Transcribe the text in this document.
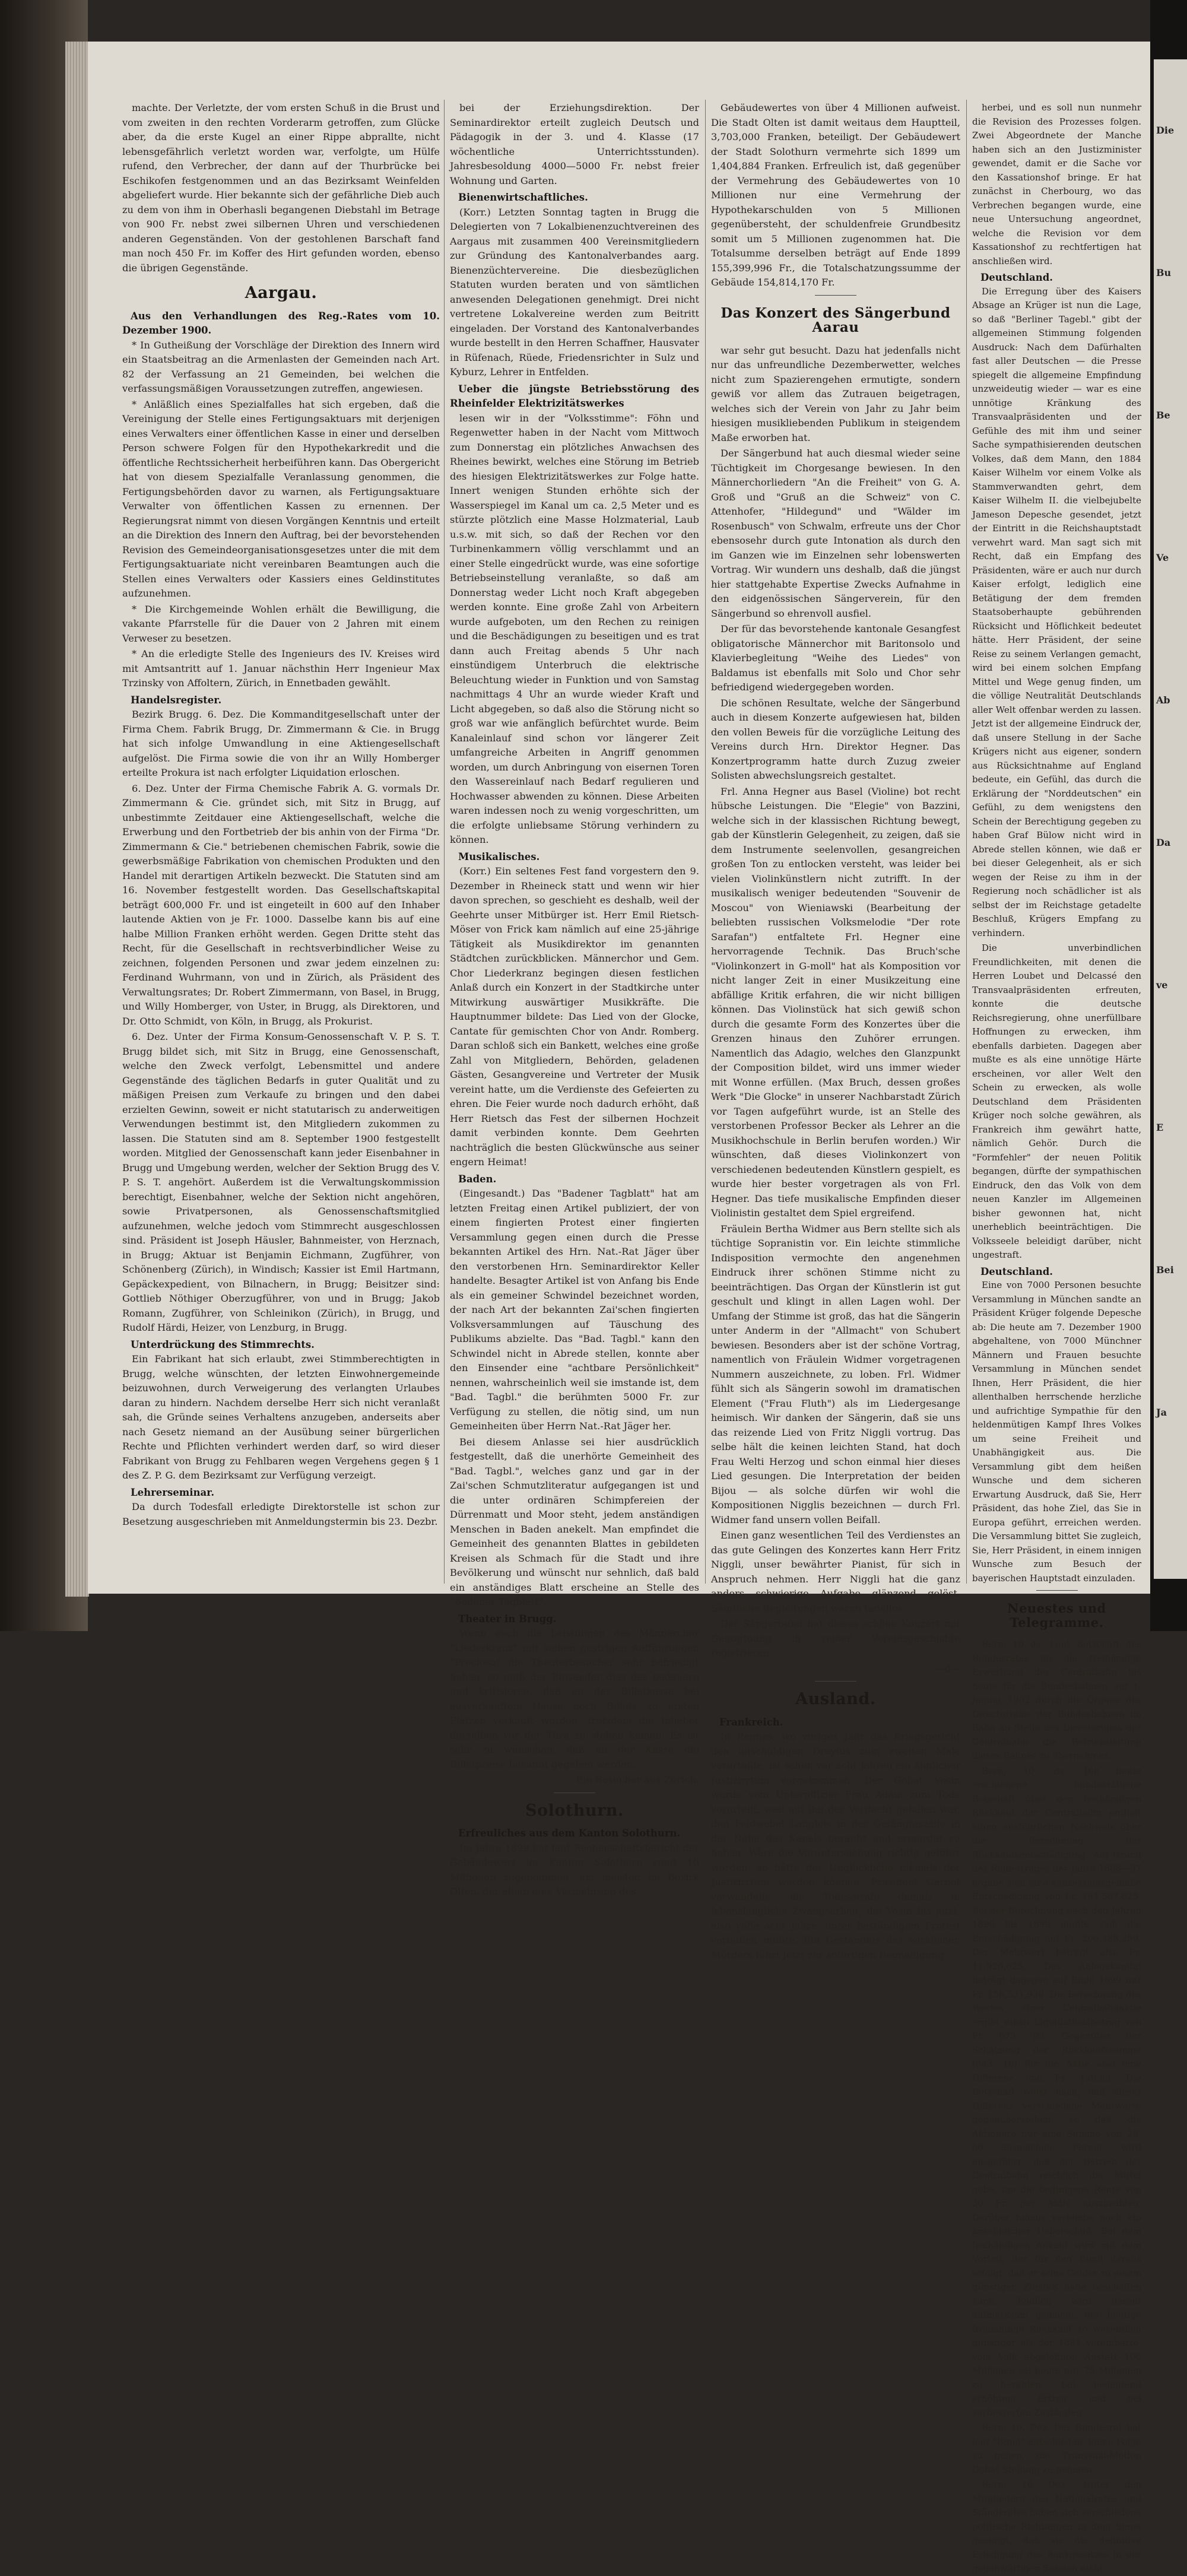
machte. Der Verletzte, der vom ersten Schuß in die Brust und vom zweiten in den rechten Vorderarm getroffen, zum Glücke aber, da die erste Kugel an einer Rippe abprallte, nicht lebensgefährlich verletzt worden war, verfolgte, um Hülfe rufend, den Verbrecher, der dann auf der Thurbrücke bei Eschikofen festgenommen und an das Bezirksamt Weinfelden abgeliefert wurde. Hier bekannte sich der gefährliche Dieb auch zu dem von ihm in Oberhasli begangenen Diebstahl im Betrage von 900 Fr. nebst zwei silbernen Uhren und verschiedenen anderen Gegenständen. Von der gestohlenen Barschaft fand man noch 450 Fr. im Koffer des Hirt gefunden worden, ebenso die übrigen Gegenstände.

Aargau.
Aus den Verhandlungen des Reg.-Rates vom 10. Dezember 1900.

* In Gutheißung der Vorschläge der Direktion des Innern wird ein Staatsbeitrag an die Armenlasten der Gemeinden nach Art. 82 der Verfassung an 21 Gemeinden, bei welchen die verfassungsmäßigen Voraussetzungen zutreffen, angewiesen.

* Anläßlich eines Spezialfalles hat sich ergeben, daß die Vereinigung der Stelle eines Fertigungsaktuars mit derjenigen eines Verwalters einer öffentlichen Kasse in einer und derselben Person schwere Folgen für den Hypothekarkredit und die öffentliche Rechtssicherheit herbeiführen kann. Das Obergericht hat von diesem Spezialfalle Veranlassung genommen, die Fertigungsbehörden davor zu warnen, als Fertigungsaktuare Verwalter von öffentlichen Kassen zu ernennen. Der Regierungsrat nimmt von diesen Vorgängen Kenntnis und erteilt an die Direktion des Innern den Auftrag, bei der bevorstehenden Revision des Gemeindeorganisationsgesetzes unter die mit dem Fertigungsaktuariate nicht vereinbaren Beamtungen auch die Stellen eines Verwalters oder Kassiers eines Geldinstitutes aufzunehmen.

* Die Kirchgemeinde Wohlen erhält die Bewilligung, die vakante Pfarrstelle für die Dauer von 2 Jahren mit einem Verweser zu besetzen.

* An die erledigte Stelle des Ingenieurs des IV. Kreises wird mit Amtsantritt auf 1. Januar nächsthin Herr Ingenieur Max Trzinsky von Affoltern, Zürich, in Ennetbaden gewählt.

Handelsregister.

Bezirk Brugg. 6. Dez. Die Kommanditgesellschaft unter der Firma Chem. Fabrik Brugg, Dr. Zimmermann & Cie. in Brugg hat sich infolge Umwandlung in eine Aktiengesellschaft aufgelöst. Die Firma sowie die von ihr an Willy Homberger erteilte Prokura ist nach erfolgter Liquidation erloschen.

6. Dez. Unter der Firma Chemische Fabrik A. G. vormals Dr. Zimmermann & Cie. gründet sich, mit Sitz in Brugg, auf unbestimmte Zeitdauer eine Aktiengesellschaft, welche die Erwerbung und den Fortbetrieb der bis anhin von der Firma "Dr. Zimmermann & Cie." betriebenen chemischen Fabrik, sowie die gewerbsmäßige Fabrikation von chemischen Produkten und den Handel mit derartigen Artikeln bezweckt. Die Statuten sind am 16. November festgestellt worden. Das Gesellschaftskapital beträgt 600,000 Fr. und ist eingeteilt in 600 auf den Inhaber lautende Aktien von je Fr. 1000. Dasselbe kann bis auf eine halbe Million Franken erhöht werden. Gegen Dritte steht das Recht, für die Gesellschaft in rechtsverbindlicher Weise zu zeichnen, folgenden Personen und zwar jedem einzelnen zu: Ferdinand Wuhrmann, von und in Zürich, als Präsident des Verwaltungsrates; Dr. Robert Zimmermann, von Basel, in Brugg, und Willy Homberger, von Uster, in Brugg, als Direktoren, und Dr. Otto Schmidt, von Köln, in Brugg, als Prokurist.

6. Dez. Unter der Firma Konsum-Genossenschaft V. P. S. T. Brugg bildet sich, mit Sitz in Brugg, eine Genossenschaft, welche den Zweck verfolgt, Lebensmittel und andere Gegenstände des täglichen Bedarfs in guter Qualität und zu mäßigen Preisen zum Verkaufe zu bringen und den dabei erzielten Gewinn, soweit er nicht statutarisch zu anderweitigen Verwendungen bestimmt ist, den Mitgliedern zukommen zu lassen. Die Statuten sind am 8. September 1900 festgestellt worden. Mitglied der Genossenschaft kann jeder Eisenbahner in Brugg und Umgebung werden, welcher der Sektion Brugg des V. P. S. T. angehört. Außerdem ist die Verwaltungskommission berechtigt, Eisenbahner, welche der Sektion nicht angehören, sowie Privatpersonen, als Genossenschaftsmitglied aufzunehmen, welche jedoch vom Stimmrecht ausgeschlossen sind. Präsident ist Joseph Häusler, Bahnmeister, von Herznach, in Brugg; Aktuar ist Benjamin Eichmann, Zugführer, von Schönenberg (Zürich), in Windisch; Kassier ist Emil Hartmann, Gepäckexpedient, von Bilnachern, in Brugg; Beisitzer sind: Gottlieb Nöthiger Oberzugführer, von und in Brugg; Jakob Romann, Zugführer, von Schleinikon (Zürich), in Brugg, und Rudolf Härdi, Heizer, von Lenzburg, in Brugg.

Unterdrückung des Stimmrechts.

Ein Fabrikant hat sich erlaubt, zwei Stimmberechtigten in Brugg, welche wünschten, der letzten Einwohnergemeinde beizuwohnen, durch Verweigerung des verlangten Urlaubes daran zu hindern. Nachdem derselbe Herr sich nicht veranlaßt sah, die Gründe seines Verhaltens anzugeben, anderseits aber nach Gesetz niemand an der Ausübung seiner bürgerlichen Rechte und Pflichten verhindert werden darf, so wird dieser Fabrikant von Brugg zu Fehlbaren wegen Vergehens gegen § 1 des Z. P. G. dem Bezirksamt zur Verfügung verzeigt.

Lehrerseminar.

Da durch Todesfall erledigte Direktorstelle ist schon zur Besetzung ausgeschrieben mit Anmeldungstermin bis 23. Dezbr.

bei der Erziehungsdirektion. Der Seminardirektor erteilt zugleich Deutsch und Pädagogik in der 3. und 4. Klasse (17 wöchentliche Unterrichtsstunden). Jahresbesoldung 4000—5000 Fr. nebst freier Wohnung und Garten.

Bienenwirtschaftliches.

(Korr.) Letzten Sonntag tagten in Brugg die Delegierten von 7 Lokalbienenzuchtvereinen des Aargaus mit zusammen 400 Vereinsmitgliedern zur Gründung des Kantonalverbandes aarg. Bienenzüchtervereine. Die diesbezüglichen Statuten wurden beraten und von sämtlichen anwesenden Delegationen genehmigt. Drei nicht vertretene Lokalvereine werden zum Beitritt eingeladen. Der Vorstand des Kantonalverbandes wurde bestellt in den Herren Schaffner, Hausvater in Rüfenach, Rüede, Friedensrichter in Sulz und Kyburz, Lehrer in Entfelden.

Ueber die jüngste Betriebsstörung des Rheinfelder Elektrizitätswerkes

lesen wir in der "Volksstimme": Föhn und Regenwetter haben in der Nacht vom Mittwoch zum Donnerstag ein plötzliches Anwachsen des Rheines bewirkt, welches eine Störung im Betrieb des hiesigen Elektrizitätswerkes zur Folge hatte. Innert wenigen Stunden erhöhte sich der Wasserspiegel im Kanal um ca. 2,5 Meter und es stürzte plötzlich eine Masse Holzmaterial, Laub u.s.w. mit sich, so daß der Rechen vor den Turbinenkammern völlig verschlammt und an einer Stelle eingedrückt wurde, was eine sofortige Betriebseinstellung veranlaßte, so daß am Donnerstag weder Licht noch Kraft abgegeben werden konnte. Eine große Zahl von Arbeitern wurde aufgeboten, um den Rechen zu reinigen und die Beschädigungen zu beseitigen und es trat dann auch Freitag abends 5 Uhr nach einstündigem Unterbruch die elektrische Beleuchtung wieder in Funktion und von Samstag nachmittags 4 Uhr an wurde wieder Kraft und Licht abgegeben, so daß also die Störung nicht so groß war wie anfänglich befürchtet wurde. Beim Kanaleinlauf sind schon vor längerer Zeit umfangreiche Arbeiten in Angriff genommen worden, um durch Anbringung von eisernen Toren den Wassereinlauf nach Bedarf regulieren und Hochwasser abwenden zu können. Diese Arbeiten waren indessen noch zu wenig vorgeschritten, um die erfolgte unliebsame Störung verhindern zu können.

Musikalisches.

(Korr.) Ein seltenes Fest fand vorgestern den 9. Dezember in Rheineck statt und wenn wir hier davon sprechen, so geschieht es deshalb, weil der Geehrte unser Mitbürger ist. Herr Emil Rietsch-Möser von Frick kam nämlich auf eine 25-jährige Tätigkeit als Musikdirektor im genannten Städtchen zurückblicken. Männerchor und Gem. Chor Liederkranz begingen diesen festlichen Anlaß durch ein Konzert in der Stadtkirche unter Mitwirkung auswärtiger Musikkräfte. Die Hauptnummer bildete: Das Lied von der Glocke, Cantate für gemischten Chor von Andr. Romberg. Daran schloß sich ein Bankett, welches eine große Zahl von Mitgliedern, Behörden, geladenen Gästen, Gesangvereine und Vertreter der Musik vereint hatte, um die Verdienste des Gefeierten zu ehren. Die Feier wurde noch dadurch erhöht, daß Herr Rietsch das Fest der silbernen Hochzeit damit verbinden konnte. Dem Geehrten nachträglich die besten Glückwünsche aus seiner engern Heimat!

Baden.

(Eingesandt.) Das "Badener Tagblatt" hat am letzten Freitag einen Artikel publiziert, der von einem fingierten Protest einer fingierten Versammlung gegen einen durch die Presse bekannten Artikel des Hrn. Nat.-Rat Jäger über den verstorbenen Hrn. Seminardirektor Keller handelte. Besagter Artikel ist von Anfang bis Ende als ein gemeiner Schwindel bezeichnet worden, der nach Art der bekannten Zai'schen fingierten Volksversammlungen auf Täuschung des Publikums abzielte. Das "Bad. Tagbl." kann den Schwindel nicht in Abrede stellen, konnte aber den Einsender eine "achtbare Persönlichkeit" nennen, wahrscheinlich weil sie imstande ist, dem "Bad. Tagbl." die berühmten 5000 Fr. zur Verfügung zu stellen, die nötig sind, um nun Gemeinheiten über Herrn Nat.-Rat Jäger her.

Bei diesem Anlasse sei hier ausdrücklich festgestellt, daß die unerhörte Gemeinheit des "Bad. Tagbl.", welches ganz und gar in der Zai'schen Schmutzliteratur aufgegangen ist und die unter ordinären Schimpfereien der Dürrenmatt und Moor steht, jedem anständigen Menschen in Baden anekelt. Man empfindet die Gemeinheit des genannten Blattes in gebildeten Kreisen als Schmach für die Stadt und ihre Bevölkerung und wünscht nur sehnlich, daß bald ein anständiges Blatt erscheine an Stelle des "Badener Tagblatt".

Theater in Brugg.

Wenn auch die Leistungen des Männerchor "Liederkranz" mit seinen gestrigen Aufführungen "Preciosa" die Theaterbesucher sehr befriedigt haben, so muß der Einsender dies des bedauern und kritisieren, daß an der Billetkasse bei ausverkauftem Hause noch Billets zu ersten Plätzen verkauft worden, trotzdem die Inhaber derselben vor der Türe zu stehen kamen. Es ist sehr zu wünschen, daß an der Kasse die Billetpreise bekannt gegeben werden.

Ein Besucher aus Zürich.

Solothurn.
Erfreuliches aus dem Kanton Solothurn.

Im Jahre 1899 hat laut Rechenschaftsbericht der Gebäudewert im Kanton Solothurn rund 10 Millionen zugenommen, am meisten im Bezirk Olten, der allein eine Vermehrung des

Gebäudewertes von über 4 Millionen aufweist. Die Stadt Olten ist damit weitaus dem Hauptteil, 3,703,000 Franken, beteiligt. Der Gebäudewert der Stadt Solothurn vermehrte sich 1899 um 1,404,884 Franken. Erfreulich ist, daß gegenüber der Vermehrung des Gebäudewertes von 10 Millionen nur eine Vermehrung der Hypothekarschulden von 5 Millionen gegenübersteht, der schuldenfreie Grundbesitz somit um 5 Millionen zugenommen hat. Die Totalsumme derselben beträgt auf Ende 1899 155,399,996 Fr., die Totalschatzungssumme der Gebäude 154,814,170 Fr.

Das Konzert des Sängerbund Aarau

war sehr gut besucht. Dazu hat jedenfalls nicht nur das unfreundliche Dezemberwetter, welches nicht zum Spazierengehen ermutigte, sondern gewiß vor allem das Zutrauen beigetragen, welches sich der Verein von Jahr zu Jahr beim hiesigen musikliebenden Publikum in steigendem Maße erworben hat.

Der Sängerbund hat auch diesmal wieder seine Tüchtigkeit im Chorgesange bewiesen. In den Männerchorliedern "An die Freiheit" von G. A. Groß und "Gruß an die Schweiz" von C. Attenhofer, "Hildegund" und "Wälder im Rosenbusch" von Schwalm, erfreute uns der Chor ebensosehr durch gute Intonation als durch den im Ganzen wie im Einzelnen sehr lobenswerten Vortrag. Wir wundern uns deshalb, daß die jüngst hier stattgehabte Expertise Zwecks Aufnahme in den eidgenössischen Sängerverein, für den Sängerbund so ehrenvoll ausfiel.

Der für das bevorstehende kantonale Gesangfest obligatorische Männerchor mit Baritonsolo und Klavierbegleitung "Weihe des Liedes" von Baldamus ist ebenfalls mit Solo und Chor sehr befriedigend wiedergegeben worden.

Die schönen Resultate, welche der Sängerbund auch in diesem Konzerte aufgewiesen hat, bilden den vollen Beweis für die vorzügliche Leitung des Vereins durch Hrn. Direktor Hegner. Das Konzertprogramm hatte durch Zuzug zweier Solisten abwechslungsreich gestaltet.

Frl. Anna Hegner aus Basel (Violine) bot recht hübsche Leistungen. Die "Elegie" von Bazzini, welche sich in der klassischen Richtung bewegt, gab der Künstlerin Gelegenheit, zu zeigen, daß sie dem Instrumente seelenvollen, gesangreichen großen Ton zu entlocken versteht, was leider bei vielen Violinkünstlern nicht zutrifft. In der musikalisch weniger bedeutenden "Souvenir de Moscou" von Wieniawski (Bearbeitung der beliebten russischen Volksmelodie "Der rote Sarafan") entfaltete Frl. Hegner eine hervorragende Technik. Das Bruch'sche "Violinkonzert in G-moll" hat als Komposition vor nicht langer Zeit in einer Musikzeitung eine abfällige Kritik erfahren, die wir nicht billigen können. Das Violinstück hat sich gewiß schon durch die gesamte Form des Konzertes über die Grenzen hinaus den Zuhörer errungen. Namentlich das Adagio, welches den Glanzpunkt der Composition bildet, wird uns immer wieder mit Wonne erfüllen. (Max Bruch, dessen großes Werk "Die Glocke" in unserer Nachbarstadt Zürich vor Tagen aufgeführt wurde, ist an Stelle des verstorbenen Professor Becker als Lehrer an die Musikhochschule in Berlin berufen worden.) Wir wünschten, daß dieses Violinkonzert von verschiedenen bedeutenden Künstlern gespielt, es wurde hier bester vorgetragen als von Frl. Hegner. Das tiefe musikalische Empfinden dieser Violinistin gestaltet dem Spiel ergreifend.

Fräulein Bertha Widmer aus Bern stellte sich als tüchtige Sopranistin vor. Ein leichte stimmliche Indisposition vermochte den angenehmen Eindruck ihrer schönen Stimme nicht zu beeinträchtigen. Das Organ der Künstlerin ist gut geschult und klingt in allen Lagen wohl. Der Umfang der Stimme ist groß, das hat die Sängerin unter Anderm in der "Allmacht" von Schubert bewiesen. Besonders aber ist der schöne Vortrag, namentlich von Fräulein Widmer vorgetragenen Nummern auszeichnete, zu loben. Frl. Widmer fühlt sich als Sängerin sowohl im dramatischen Element ("Frau Fluth") als im Liedergesange heimisch. Wir danken der Sängerin, daß sie uns das reizende Lied von Fritz Niggli vortrug. Das selbe hält die keinen leichten Stand, hat doch Frau Welti Herzog und schon einmal hier dieses Lied gesungen. Die Interpretation der beiden Bijou — als solche dürfen wir wohl die Kompositionen Nigglis bezeichnen — durch Frl. Widmer fand unsern vollen Beifall.

Einen ganz wesentlichen Teil des Verdienstes an das gute Gelingen des Konzertes kann Herr Fritz Niggli, unser bewährter Pianist, für sich in Anspruch nehmen. Herr Niggli hat die ganz anders schwierige Aufgabe glänzend gelöst. Sämtliche Begleitungen waren tadellos.

Der Sängerbund hat dieses schöne Konzert mit Genugtuung in seiner Vereinsgeschichte registrieren.

—d—

Ausland.
Frankreich.

In Rennes, wo voriges Jahr das Kriegsgericht den unschuldigen Dreyfus zum zweiten Male verurteilte, ist schon vor acht Jahren ein ähnlicher Justizirrtum vorgekommen. Der Gobat Vosin wurde vom Unteroffizier Frau Adam zum Tode verurteilt, weil auf ihn der Verdacht gefallen war, den Feldwebel Langlois in der Gefängniszelle in der Nähe des Kanals beraubt und ermordet zu haben. Wäre die Voruntersuchung richtig geführt worden, so hätte der Unglückliche niemals der Justizirrtum werden können. Präsident Carnot verwandelte die Todesstrafe damals in lebenslängliche Zwangsarbeit, die Vosin bis jetzt, also volle acht Jahre, unter beständigem Protest verbüßen mußte. Ein Geständnis des wirklichen Mörders führt jetzt zur sofortigen Begnadigung

herbei, und es soll nun nunmehr die Revision des Prozesses folgen. Zwei Abgeordnete der Manche haben sich an den Justizminister gewendet, damit er die Sache vor den Kassationshof bringe. Er hat zunächst in Cherbourg, wo das Verbrechen begangen wurde, eine neue Untersuchung angeordnet, welche die Revision vor dem Kassationshof zu rechtfertigen hat anschließen wird.

Deutschland.

Die Erregung über des Kaisers Absage an Krüger ist nun die Lage, so daß "Berliner Tagebl." gibt der allgemeinen Stimmung folgenden Ausdruck: Nach dem Dafürhalten fast aller Deutschen — die Presse spiegelt die allgemeine Empfindung unzweideutig wieder — war es eine unnötige Kränkung des Transvaalpräsidenten und der Gefühle des mit ihm und seiner Sache sympathisierenden deutschen Volkes, daß dem Mann, den 1884 Kaiser Wilhelm vor einem Volke als Stammverwandten gehrt, dem Kaiser Wilhelm II. die vielbejubelte Jameson Depesche gesendet, jetzt der Eintritt in die Reichshauptstadt verwehrt ward. Man sagt sich mit Recht, daß ein Empfang des Präsidenten, wäre er auch nur durch Kaiser erfolgt, lediglich eine Betätigung der dem fremden Staatsoberhaupte gebührenden Rücksicht und Höflichkeit bedeutet hätte. Herr Präsident, der seine Reise zu seinem Verlangen gemacht, wird bei einem solchen Empfang Mittel und Wege genug finden, um die völlige Neutralität Deutschlands aller Welt offenbar werden zu lassen. Jetzt ist der allgemeine Eindruck der, daß unsere Stellung in der Sache Krügers nicht aus eigener, sondern aus Rücksichtnahme auf England bedeute, ein Gefühl, das durch die Erklärung der "Norddeutschen" ein Gefühl, zu dem wenigstens den Schein der Berechtigung gegeben zu haben Graf Bülow nicht wird in Abrede stellen können, wie daß er bei dieser Gelegenheit, als er sich wegen der Reise zu ihm in der Regierung noch schädlicher ist als selbst der im Reichstage getadelte Beschluß, Krügers Empfang zu verhindern.

Die unverbindlichen Freundlichkeiten, mit denen die Herren Loubet und Delcassé den Transvaalpräsidenten erfreuten, konnte die deutsche Reichsregierung, ohne unerfüllbare Hoffnungen zu erwecken, ihm ebenfalls darbieten. Dagegen aber mußte es als eine unnötige Härte erscheinen, vor aller Welt den Schein zu erwecken, als wolle Deutschland dem Präsidenten Krüger noch solche gewähren, als Frankreich ihm gewährt hatte, nämlich Gehör. Durch die "Formfehler" der neuen Politik begangen, dürfte der sympathischen Eindruck, den das Volk von dem neuen Kanzler im Allgemeinen bisher gewonnen hat, nicht unerheblich beeinträchtigen. Die Volksseele beleidigt darüber, nicht ungestraft.

Deutschland.

Eine von 7000 Personen besuchte Versammlung in München sandte an Präsident Krüger folgende Depesche ab: Die heute am 7. Dezember 1900 abgehaltene, von 7000 Münchner Männern und Frauen besuchte Versammlung in München sendet Ihnen, Herr Präsident, die hier allenthalben herrschende herzliche und aufrichtige Sympathie für den heldenmütigen Kampf Ihres Volkes um seine Freiheit und Unabhängigkeit aus. Die Versammlung gibt dem heißen Wunsche und dem sicheren Erwartung Ausdruck, daß Sie, Herr Präsident, das hohe Ziel, das Sie in Europa geführt, erreichen werden. Die Versammlung bittet Sie zugleich, Sie, Herr Präsident, in einem innigen Wunsche zum Besuch der bayerischen Hauptstadt einzuladen.

Neuestes und Telegramme.

Bern, 10 ds. Laut Botschaft des Bundesrates an die freihändige Erwerbung der Centralbahn bis heute für die Bundesbahnen auf 1. Januar 1902 durch die Organe des Directoriums der Bundesbahnen im Bahn an Stelle des Directoriums der Centralbahn die Betriebsleitung dieses Bahnes zu übernehmen.

Bern, 10. ds. Die heute erschienene bundesrätliche Botschaft über den freihändigen Rückkauf der Centralbahn enthält einen ausführlichen Nachweis über die Berechnung der Rückkaufsentschädigung. Auf Grund des Reinertrages der Jahre 1888—97 ergäbe sich eine konzessionsgemäße Entschädigung von Fr. 194,567,625. Bei der Berechnung nach den Jahren 1890 bis 1899 mußte sich die Entschädigung auf Fr. 206,488,250. Der Mehrwert beträgt also Fr. 11,920,625. Das Anlagekapital beträgt dagegen auf Ende 1899 nur Fr. 158,331,939. Die Berechnung des Wertes einer Centralbahnaktie ergibt einen Liquidationsbetrag von Fr. 673. 09. Gegenüber der Schätzung der Rückkaufssumme (543. 10) für die Aktie also eine Differenz von Fr. 129.99. Die Botschaft weist nach, daß dieser Differenz verschiedene Mehrwerte gegenüberstehen, so daß die Aktionäre nur eine Summe von 28. 66 ausmachen. Ferner wird ausgeführt, daß der Betrieb der Centralbahn reichlich die Mittel gebe, um die bedungene Rente von 30 Fr. per Aktie auszuzahlen. Darüber hinaus verbleibe noch ein ansehnlicher Ueberschuß. Bei dem freihändigen Ankauf wird mit dem Vorteil, der für den Bund daraus erfolgt, daß er seine Gelder zu einem günstigen Zinsfuß habe beschaffen kann. Endlich wird darauf aufmerksam gemacht, der heutige freihändige Rückkauf so wesentlich günstiger als der 1891 vereinbarte, vom Volk abgelehnte. Anstatt 100 Millionen sei heute nur 75 Millionen zu bezahlen, bei bedeutend erhöhtem Ertrag und bei verbesserten Zuständen.

Bern, 10. Dez. Der Bundesrat hat laut "Bund" entschieden, keine Folge zu geben, die Transvaal-Motion Gobat Stellung zu nehmen.

Bern, 10 Dez. Unter den Mitgliedern des Nationalrates und Ständerates haben sich verschiedene politische Richtungen in dem Sinne geeinigt, daß sie die definitive Erledigung des Bankgesetzes in der gegenwärtigen Session nicht

Die
Bu
Be
Ve
Ab
Da
ve
E
Bei
Ja
